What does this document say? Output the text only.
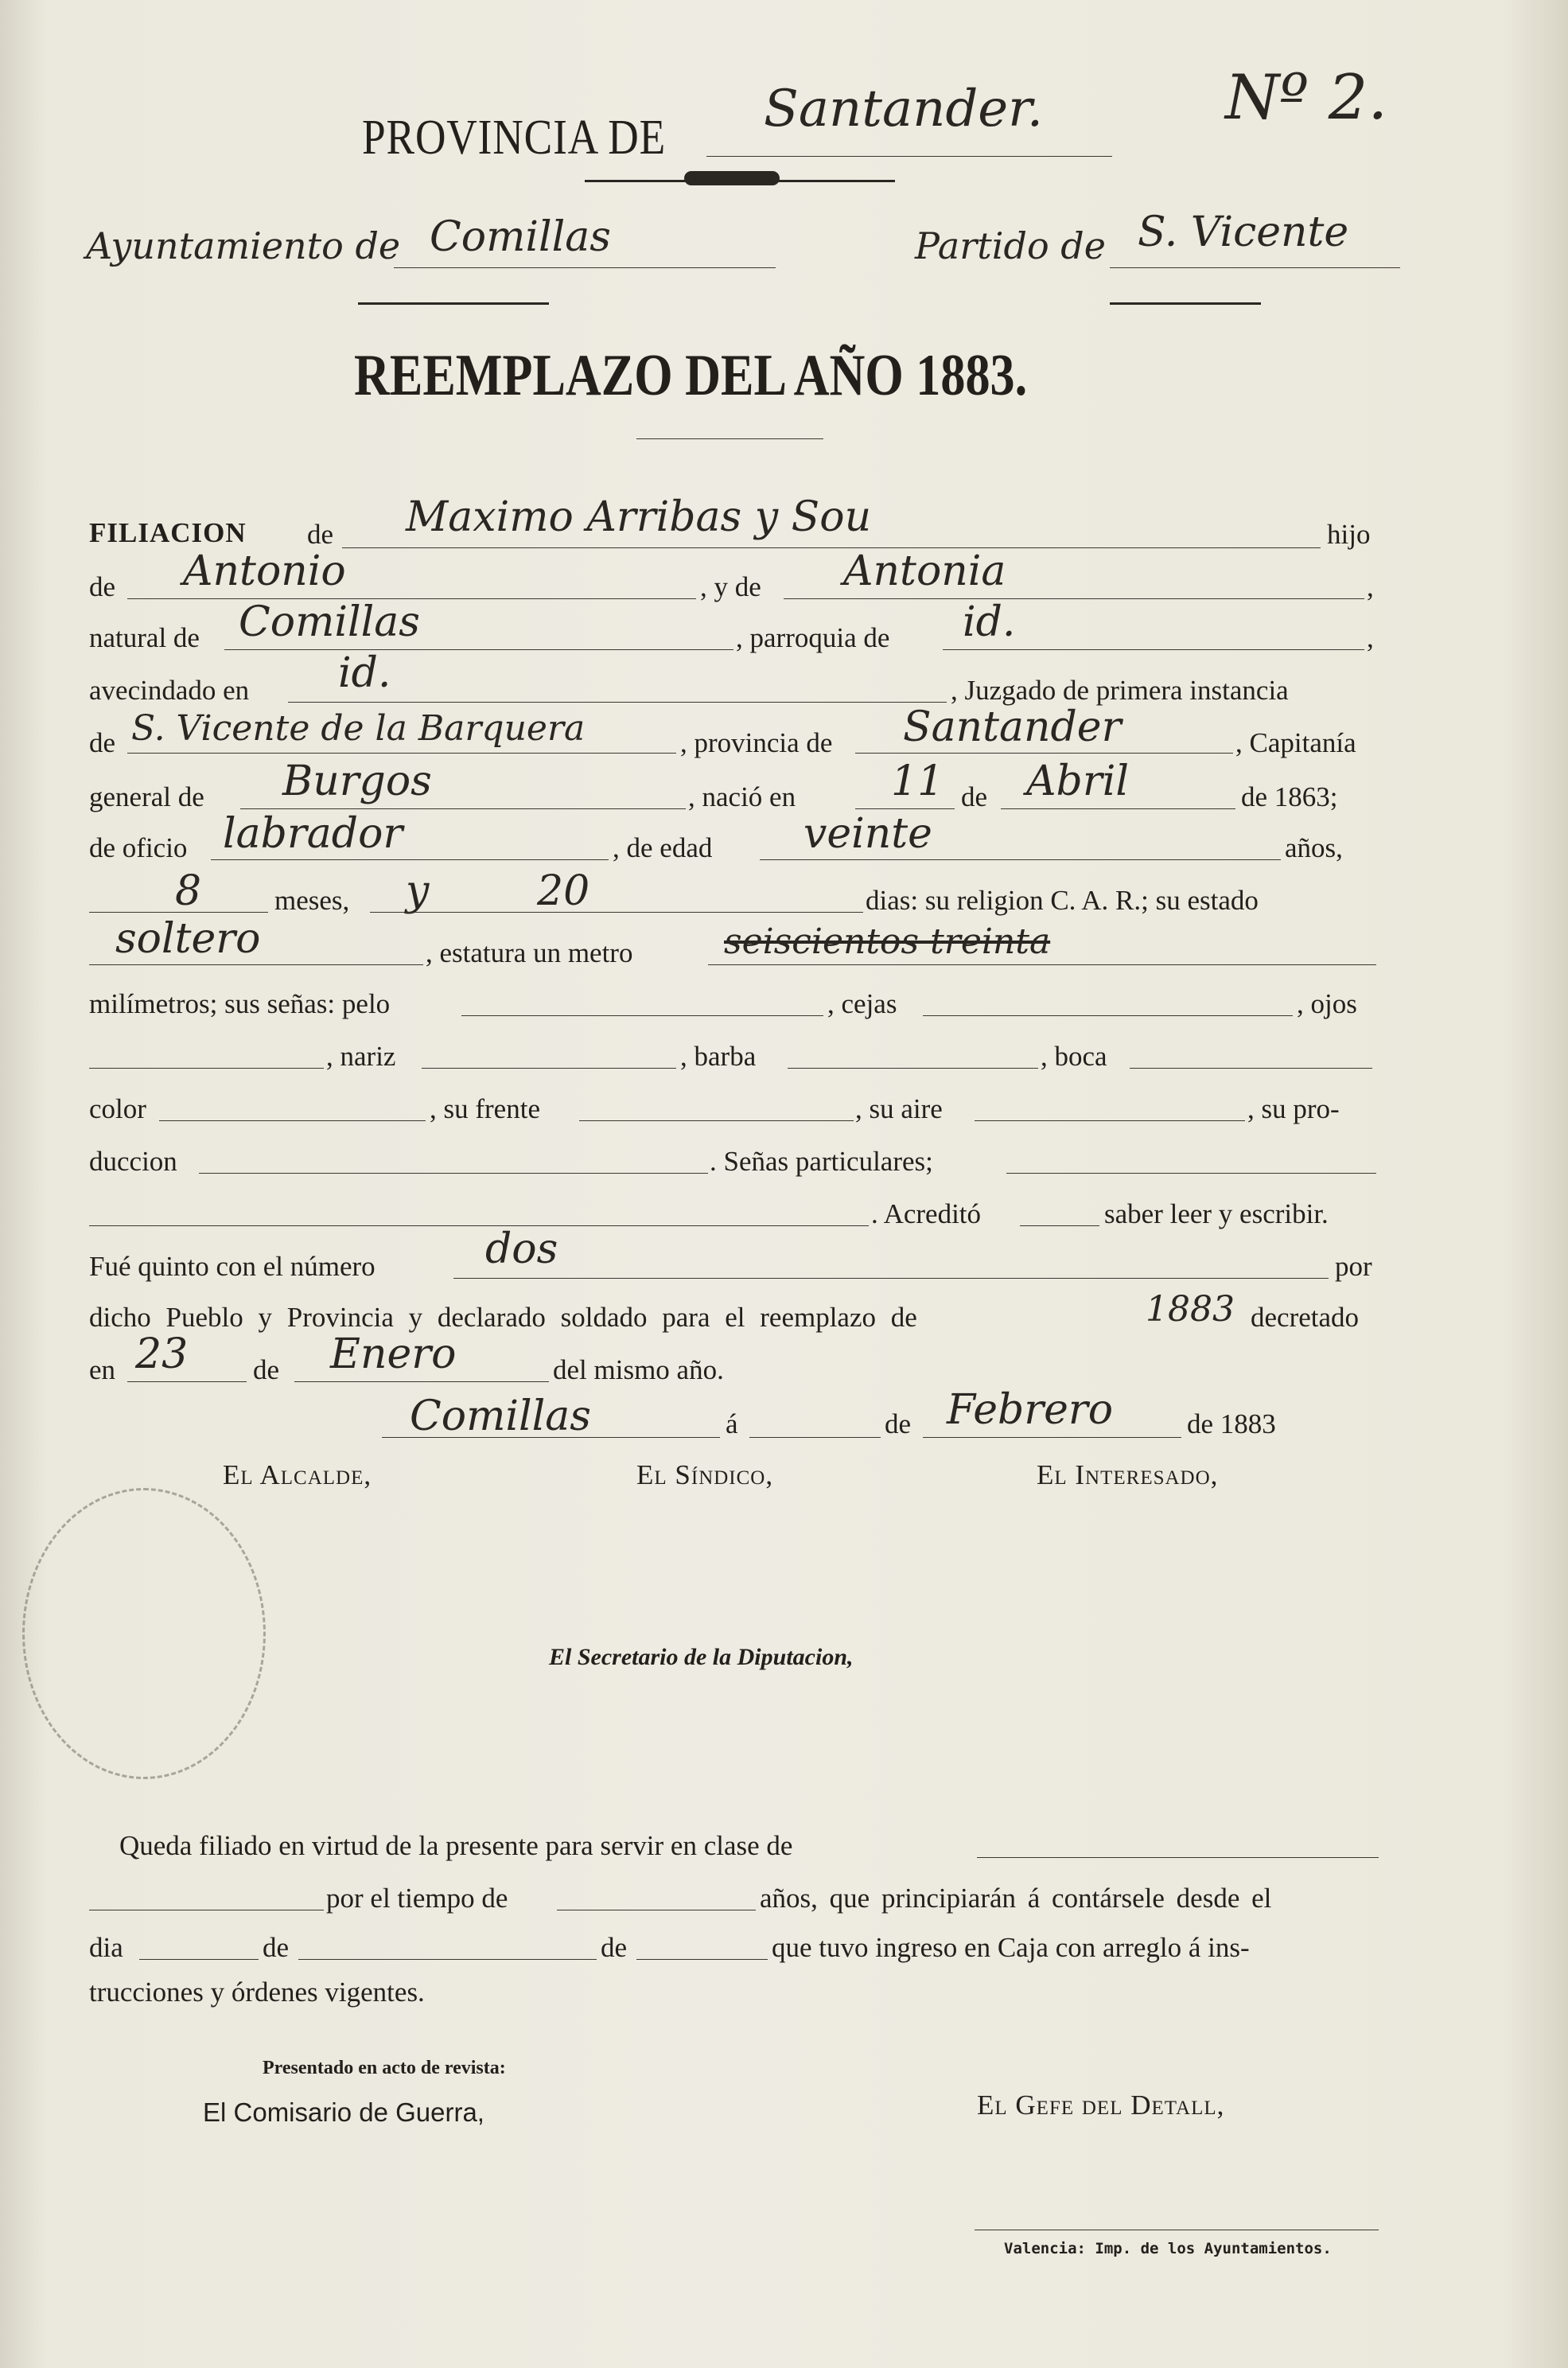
PROVINCIA DE Santander.	Nº 2.
Ayuntamiento de Comillas	Partido de S. Vicente
REEMPLAZO DEL AÑO 1883.
FILIACION de Maximo Arribas y Sou	hijo
de Antonio	, y de Antonia	,
natural de Comillas	, parroquia de id.	,
avecindado en id.	, Juzgado de primera instancia
de S. Vicente de la Barquera	, provincia de Santander	, Capitanía
general de Burgos	, nació en 11 de Abril	de 1863;
de oficio labrador	, de edad veinte	años,
8	meses, y	20	dias: su religion C. A. R.; su estado
soltero	, estatura un metro	seiscientos treinta
milímetros; sus señas: pelo	, cejas	, ojos
, nariz	, barba	, boca
color	, su frente	, su aire	, su pro-
duccion	. Señas particulares;
. Acreditó	saber leer y escribir.
Fué quinto con el número	dos	por
dicho Pueblo y Provincia y declarado soldado para el reemplazo de	1883 decretado
en 23 de Enero	del mismo año.
Comillas	á	de Febrero	de 1883
El Alcalde,	El Síndico,	El Interesado,
El Secretario de la Diputacion,
Queda filiado en virtud de la presente para servir en clase de
por el tiempo de	años, que principiarán á contársele desde el
dia	de	de	que tuvo ingreso en Caja con arreglo á ins-
trucciones y órdenes vigentes.
Presentado en acto de revista:
El Comisario de Guerra,	El Gefe del Detall,
Valencia: Imp. de los Ayuntamientos.
